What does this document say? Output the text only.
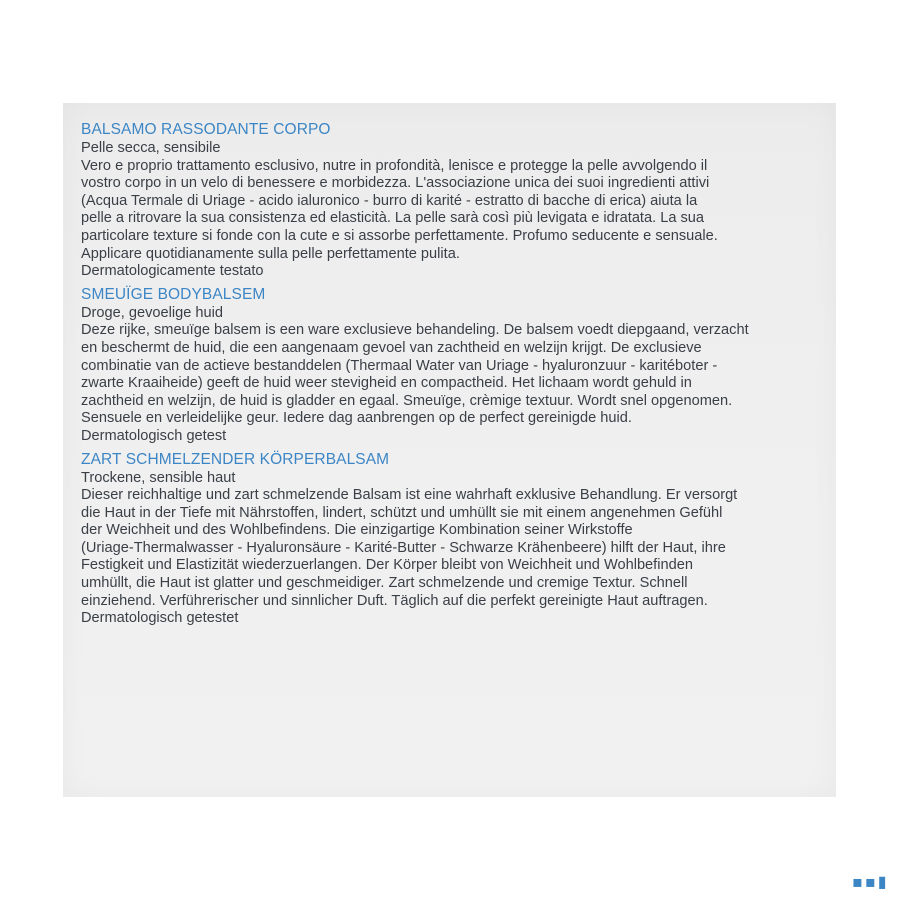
BALSAMO RASSODANTE CORPO
Pelle secca, sensibile
Vero e proprio trattamento esclusivo, nutre in profondità, lenisce e protegge la pelle avvolgendo il
vostro corpo in un velo di benessere e morbidezza. L'associazione unica dei suoi ingredienti attivi
(Acqua Termale di Uriage - acido ialuronico - burro di karité - estratto di bacche di erica) aiuta la
pelle a ritrovare la sua consistenza ed elasticità. La pelle sarà così più levigata e idratata. La sua
particolare texture si fonde con la cute e si assorbe perfettamente. Profumo seducente e sensuale.
Applicare quotidianamente sulla pelle perfettamente pulita.
Dermatologicamente testato
SMEUÏGE BODYBALSEM
Droge, gevoelige huid
Deze rijke, smeuïge balsem is een ware exclusieve behandeling. De balsem voedt diepgaand, verzacht
en beschermt de huid, die een aangenaam gevoel van zachtheid en welzijn krijgt. De exclusieve
combinatie van de actieve bestanddelen (Thermaal Water van Uriage - hyaluronzuur - karitéboter -
zwarte Kraaiheide) geeft de huid weer stevigheid en compactheid. Het lichaam wordt gehuld in
zachtheid en welzijn, de huid is gladder en egaal. Smeuïge, crèmige textuur. Wordt snel opgenomen.
Sensuele en verleidelijke geur. Iedere dag aanbrengen op de perfect gereinigde huid.
Dermatologisch getest
ZART SCHMELZENDER KÖRPERBALSAM
Trockene, sensible haut
Dieser reichhaltige und zart schmelzende Balsam ist eine wahrhaft exklusive Behandlung. Er versorgt
die Haut in der Tiefe mit Nährstoffen, lindert, schützt und umhüllt sie mit einem angenehmen Gefühl
der Weichheit und des Wohlbefindens. Die einzigartige Kombination seiner Wirkstoffe
(Uriage-Thermalwasser - Hyaluronsäure - Karité-Butter - Schwarze Krähenbeere) hilft der Haut, ihre
Festigkeit und Elastizität wiederzuerlangen. Der Körper bleibt von Weichheit und Wohlbefinden
umhüllt, die Haut ist glatter und geschmeidiger. Zart schmelzende und cremige Textur. Schnell
einziehend. Verführerischer und sinnlicher Duft. Täglich auf die perfekt gereinigte Haut auftragen.
Dermatologisch getestet
▪▪▮
